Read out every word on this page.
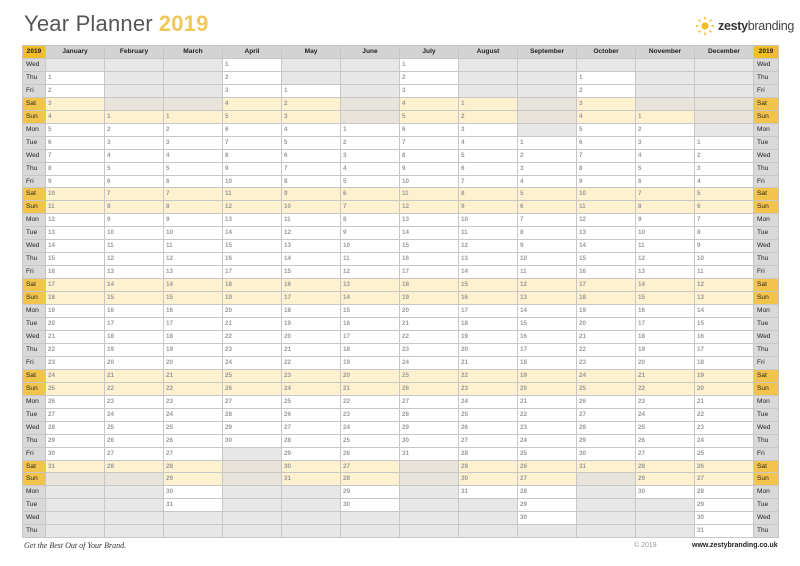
Year Planner 2019	zestybranding
2019	January	February	March	April	May	June	July	August	September	October	November	December	2019
Wed				1			1						Wed
Thu	1			2			2			1			Thu
Fri	2			3	1		3			2			Fri
Sat	3			4	2		4	1		3			Sat
Sun	4	1	1	5	3		5	2		4	1		Sun
Mon	5	2	2	6	4	1	6	3		5	2		Mon
Tue	6	3	3	7	5	2	7	4	1	6	3	1	Tue
Wed	7	4	4	8	6	3	8	5	2	7	4	2	Wed
Thu	8	5	5	9	7	4	9	6	3	8	5	3	Thu
Fri	9	6	6	10	8	5	10	7	4	9	6	4	Fri
Sat	10	7	7	11	9	6	11	8	5	10	7	5	Sat
Sun	11	8	8	12	10	7	12	9	6	11	8	6	Sun
Mon	12	9	9	13	11	8	13	10	7	12	9	7	Mon
Tue	13	10	10	14	12	9	14	11	8	13	10	8	Tue
Wed	14	11	11	15	13	10	15	12	9	14	11	9	Wed
Thu	15	12	12	16	14	11	16	13	10	15	12	10	Thu
Fri	16	13	13	17	15	12	17	14	11	16	13	11	Fri
Sat	17	14	14	18	16	13	18	15	12	17	14	12	Sat
Sun	18	15	15	19	17	14	19	16	13	18	15	13	Sun
Mon	19	16	16	20	18	15	20	17	14	19	16	14	Mon
Tue	20	17	17	21	19	16	21	18	15	20	17	15	Tue
Wed	21	18	18	22	20	17	22	19	16	21	18	16	Wed
Thu	22	19	19	23	21	18	23	20	17	22	19	17	Thu
Fri	23	20	20	24	22	19	24	21	18	23	20	18	Fri
Sat	24	21	21	25	23	20	25	22	19	24	21	19	Sat
Sun	25	22	22	26	24	21	26	23	20	25	22	20	Sun
Mon	26	23	23	27	25	22	27	24	21	26	23	21	Mon
Tue	27	24	24	28	26	23	28	25	22	27	24	22	Tue
Wed	28	25	25	29	27	24	29	26	23	28	25	23	Wed
Thu	29	26	26	30	28	25	30	27	24	29	26	24	Thu
Fri	30	27	27		29	26	31	28	25	30	27	25	Fri
Sat	31	28	28		30	27		29	26	31	28	26	Sat
Sun			29		31	28		30	27		29	27	Sun
Mon			30			29		31	28		30	28	Mon
Tue			31			30			29			29	Tue
Wed									30			30	Wed
Thu												31	Thu
Get the Best Out of Your Brand.	© 2019	www.zestybranding.co.uk
